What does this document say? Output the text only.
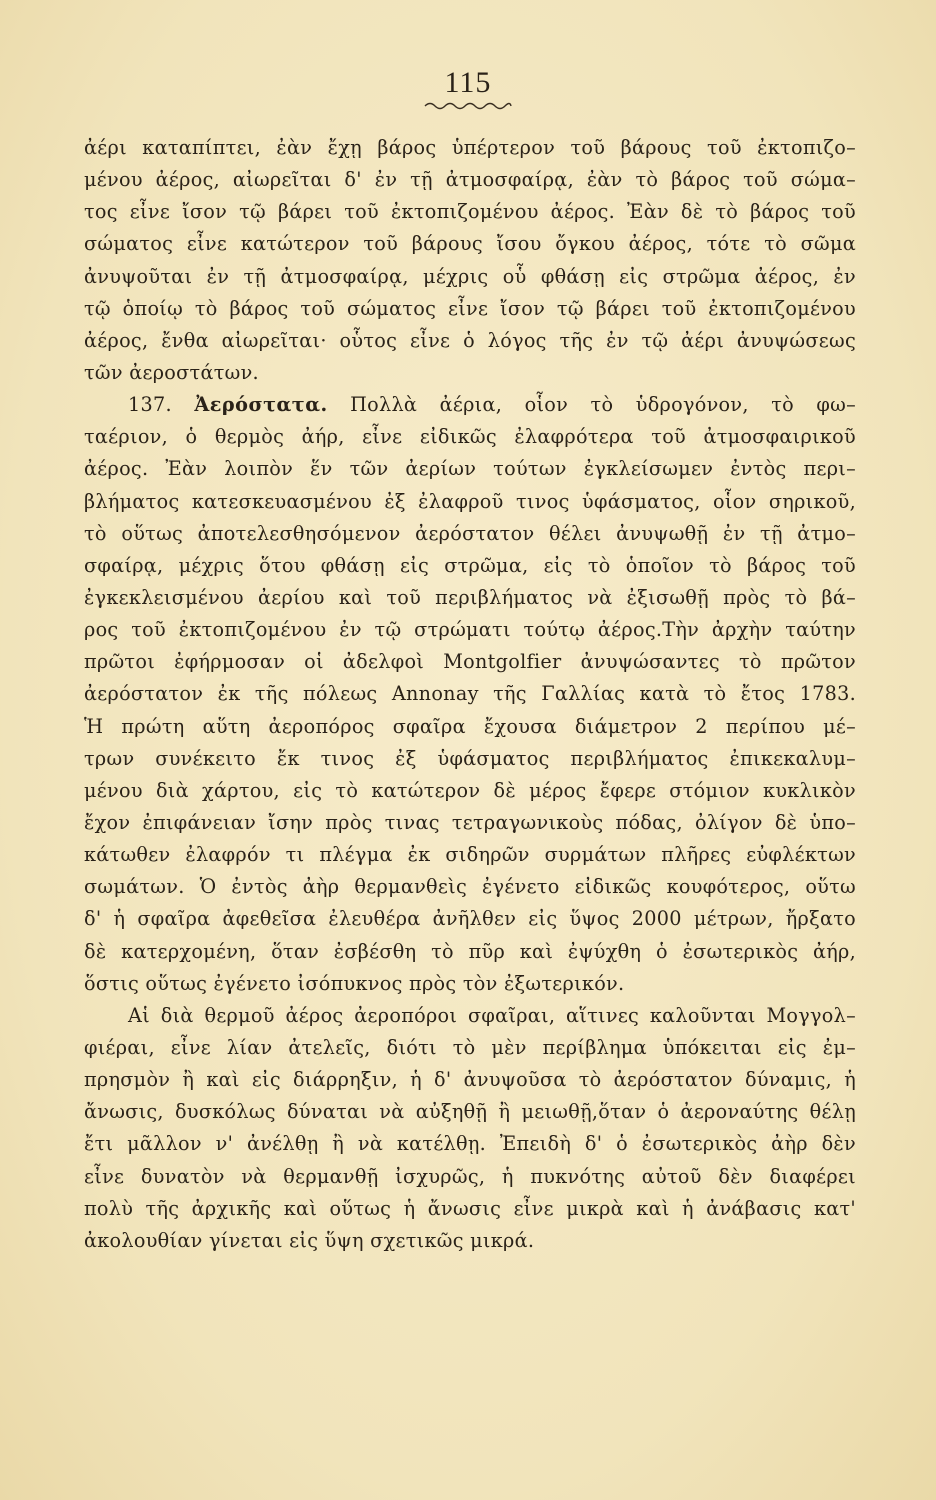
115
ἀέρι καταπίπτει, ἐὰν ἔχῃ βάρος ὑπέρτερον τοῦ βάρους τοῦ ἐκτοπιζο–
μένου ἀέρος, αἰωρεῖται δ' ἐν τῇ ἀτμοσφαίρᾳ, ἐὰν τὸ βάρος τοῦ σώμα–
τος εἶνε ἴσον τῷ βάρει τοῦ ἐκτοπιζομένου ἀέρος. Ἐὰν δὲ τὸ βάρος τοῦ
σώματος εἶνε κατώτερον τοῦ βάρους ἴσου ὄγκου ἀέρος, τότε τὸ σῶμα
ἀνυψοῦται ἐν τῇ ἀτμοσφαίρᾳ, μέχρις οὗ φθάσῃ εἰς στρῶμα ἀέρος, ἐν
τῷ ὁποίῳ τὸ βάρος τοῦ σώματος εἶνε ἴσον τῷ βάρει τοῦ ἐκτοπιζομένου
ἀέρος, ἔνθα αἰωρεῖται· οὗτος εἶνε ὁ λόγος τῆς ἐν τῷ ἀέρι ἀνυψώσεως
τῶν ἀεροστάτων.
137. Ἀερόστατα. Πολλὰ ἀέρια, οἷον τὸ ὑδρογόνον, τὸ φω–
ταέριον, ὁ θερμὸς ἀήρ, εἶνε εἰδικῶς ἐλαφρότερα τοῦ ἀτμοσφαιρικοῦ
ἀέρος. Ἐὰν λοιπὸν ἕν τῶν ἀερίων τούτων ἐγκλείσωμεν ἐντὸς περι–
βλήματος κατεσκευασμένου ἐξ ἐλαφροῦ τινος ὑφάσματος, οἷον σηρικοῦ,
τὸ οὕτως ἀποτελεσθησόμενον ἀερόστατον θέλει ἀνυψωθῇ ἐν τῇ ἀτμο–
σφαίρᾳ, μέχρις ὅτου φθάσῃ εἰς στρῶμα, εἰς τὸ ὁποῖον τὸ βάρος τοῦ
ἐγκεκλεισμένου ἀερίου καὶ τοῦ περιβλήματος νὰ ἐξισωθῇ πρὸς τὸ βά–
ρος τοῦ ἐκτοπιζομένου ἐν τῷ στρώματι τούτῳ ἀέρος.Τὴν ἀρχὴν ταύτην
πρῶτοι ἐφήρμοσαν οἱ ἀδελφοὶ Montgolfier ἀνυψώσαντες τὸ πρῶτον
ἀερόστατον ἐκ τῆς πόλεως Annonay τῆς Γαλλίας κατὰ τὸ ἔτος 1783.
Ἡ πρώτη αὕτη ἀεροπόρος σφαῖρα ἔχουσα διάμετρον 2 περίπου μέ–
τρων συνέκειτο ἔκ τινος ἐξ ὑφάσματος περιβλήματος ἐπικεκαλυμ–
μένου διὰ χάρτου, εἰς τὸ κατώτερον δὲ μέρος ἔφερε στόμιον κυκλικὸν
ἔχον ἐπιφάνειαν ἴσην πρὸς τινας τετραγωνικοὺς πόδας, ὀλίγον δὲ ὑπο–
κάτωθεν ἐλαφρόν τι πλέγμα ἐκ σιδηρῶν συρμάτων πλῆρες εὐφλέκτων
σωμάτων. Ὁ ἐντὸς ἀὴρ θερμανθεὶς ἐγένετο εἰδικῶς κουφότερος, οὕτω
δ' ἡ σφαῖρα ἀφεθεῖσα ἐλευθέρα ἀνῆλθεν εἰς ὕψος 2000 μέτρων, ἤρξατο
δὲ κατερχομένη, ὅταν ἐσβέσθη τὸ πῦρ καὶ ἐψύχθη ὁ ἐσωτερικὸς ἀήρ,
ὅστις οὕτως ἐγένετο ἰσόπυκνος πρὸς τὸν ἐξωτερικόν.
Αἱ διὰ θερμοῦ ἀέρος ἀεροπόροι σφαῖραι, αἵτινες καλοῦνται Μογγολ–
φιέραι, εἶνε λίαν ἀτελεῖς, διότι τὸ μὲν περίβλημα ὑπόκειται εἰς ἐμ–
πρησμὸν ἢ καὶ εἰς διάρρηξιν, ἡ δ' ἀνυψοῦσα τὸ ἀερόστατον δύναμις, ἡ
ἄνωσις, δυσκόλως δύναται νὰ αὐξηθῇ ἢ μειωθῇ,ὅταν ὁ ἀεροναύτης θέλῃ
ἔτι μᾶλλον ν' ἀνέλθῃ ἢ νὰ κατέλθῃ. Ἐπειδὴ δ' ὁ ἐσωτερικὸς ἀὴρ δὲν
εἶνε δυνατὸν νὰ θερμανθῇ ἰσχυρῶς, ἡ πυκνότης αὐτοῦ δὲν διαφέρει
πολὺ τῆς ἀρχικῆς καὶ οὕτως ἡ ἄνωσις εἶνε μικρὰ καὶ ἡ ἀνάβασις κατ'
ἀκολουθίαν γίνεται εἰς ὕψη σχετικῶς μικρά.
